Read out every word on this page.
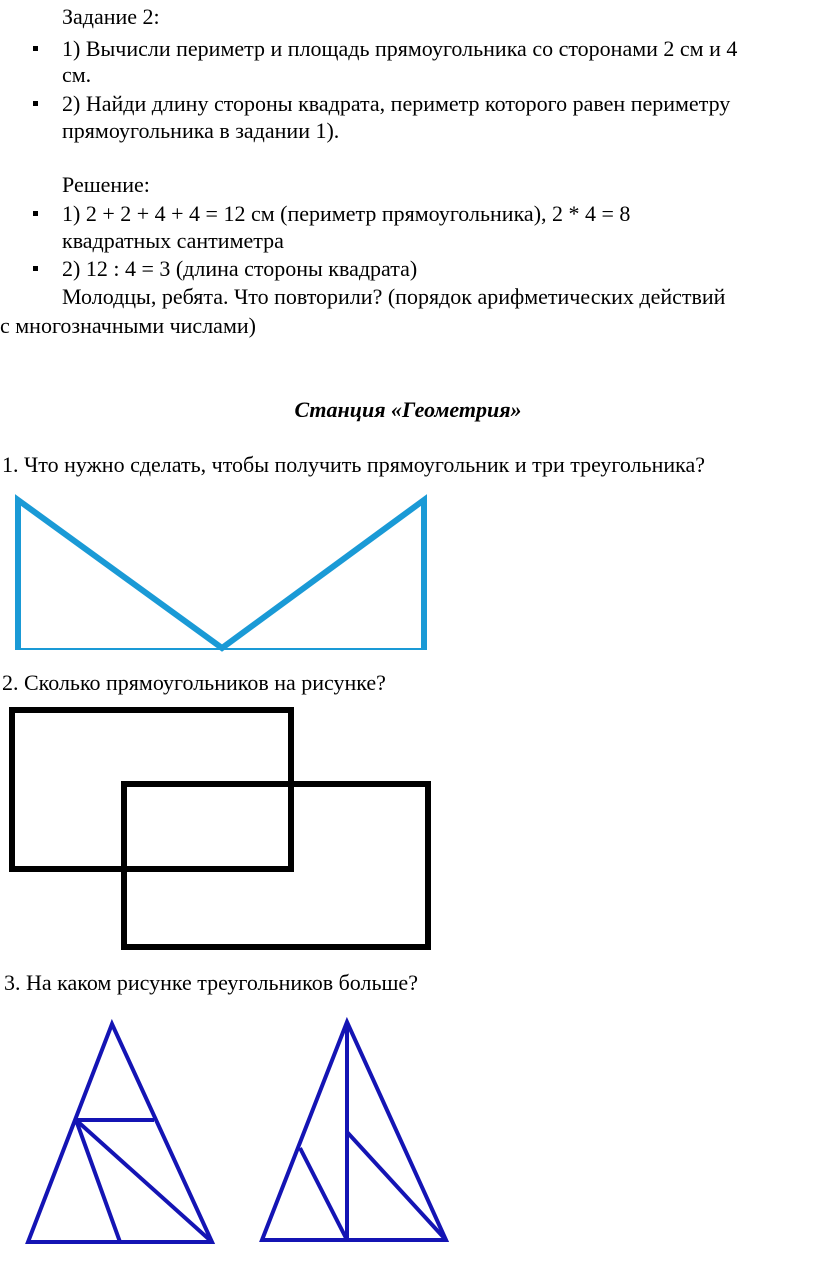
Задание 2:
1) Вычисли периметр и площадь прямоугольника со сторонами 2 см и 4
см.
2) Найди длину стороны квадрата, периметр которого равен периметру
прямоугольника в задании 1).
Решение:
1) 2 + 2 + 4 + 4 = 12 см (периметр прямоугольника), 2 * 4 = 8
квадратных сантиметра
2) 12 : 4 = 3 (длина стороны квадрата)
Молодцы, ребята. Что повторили? (порядок арифметических действий
с многозначными числами)
Станция «Геометрия»
1. Что нужно сделать, чтобы получить прямоугольник и три треугольника?
2. Сколько прямоугольников на рисунке?
3. На каком рисунке треугольников больше?
